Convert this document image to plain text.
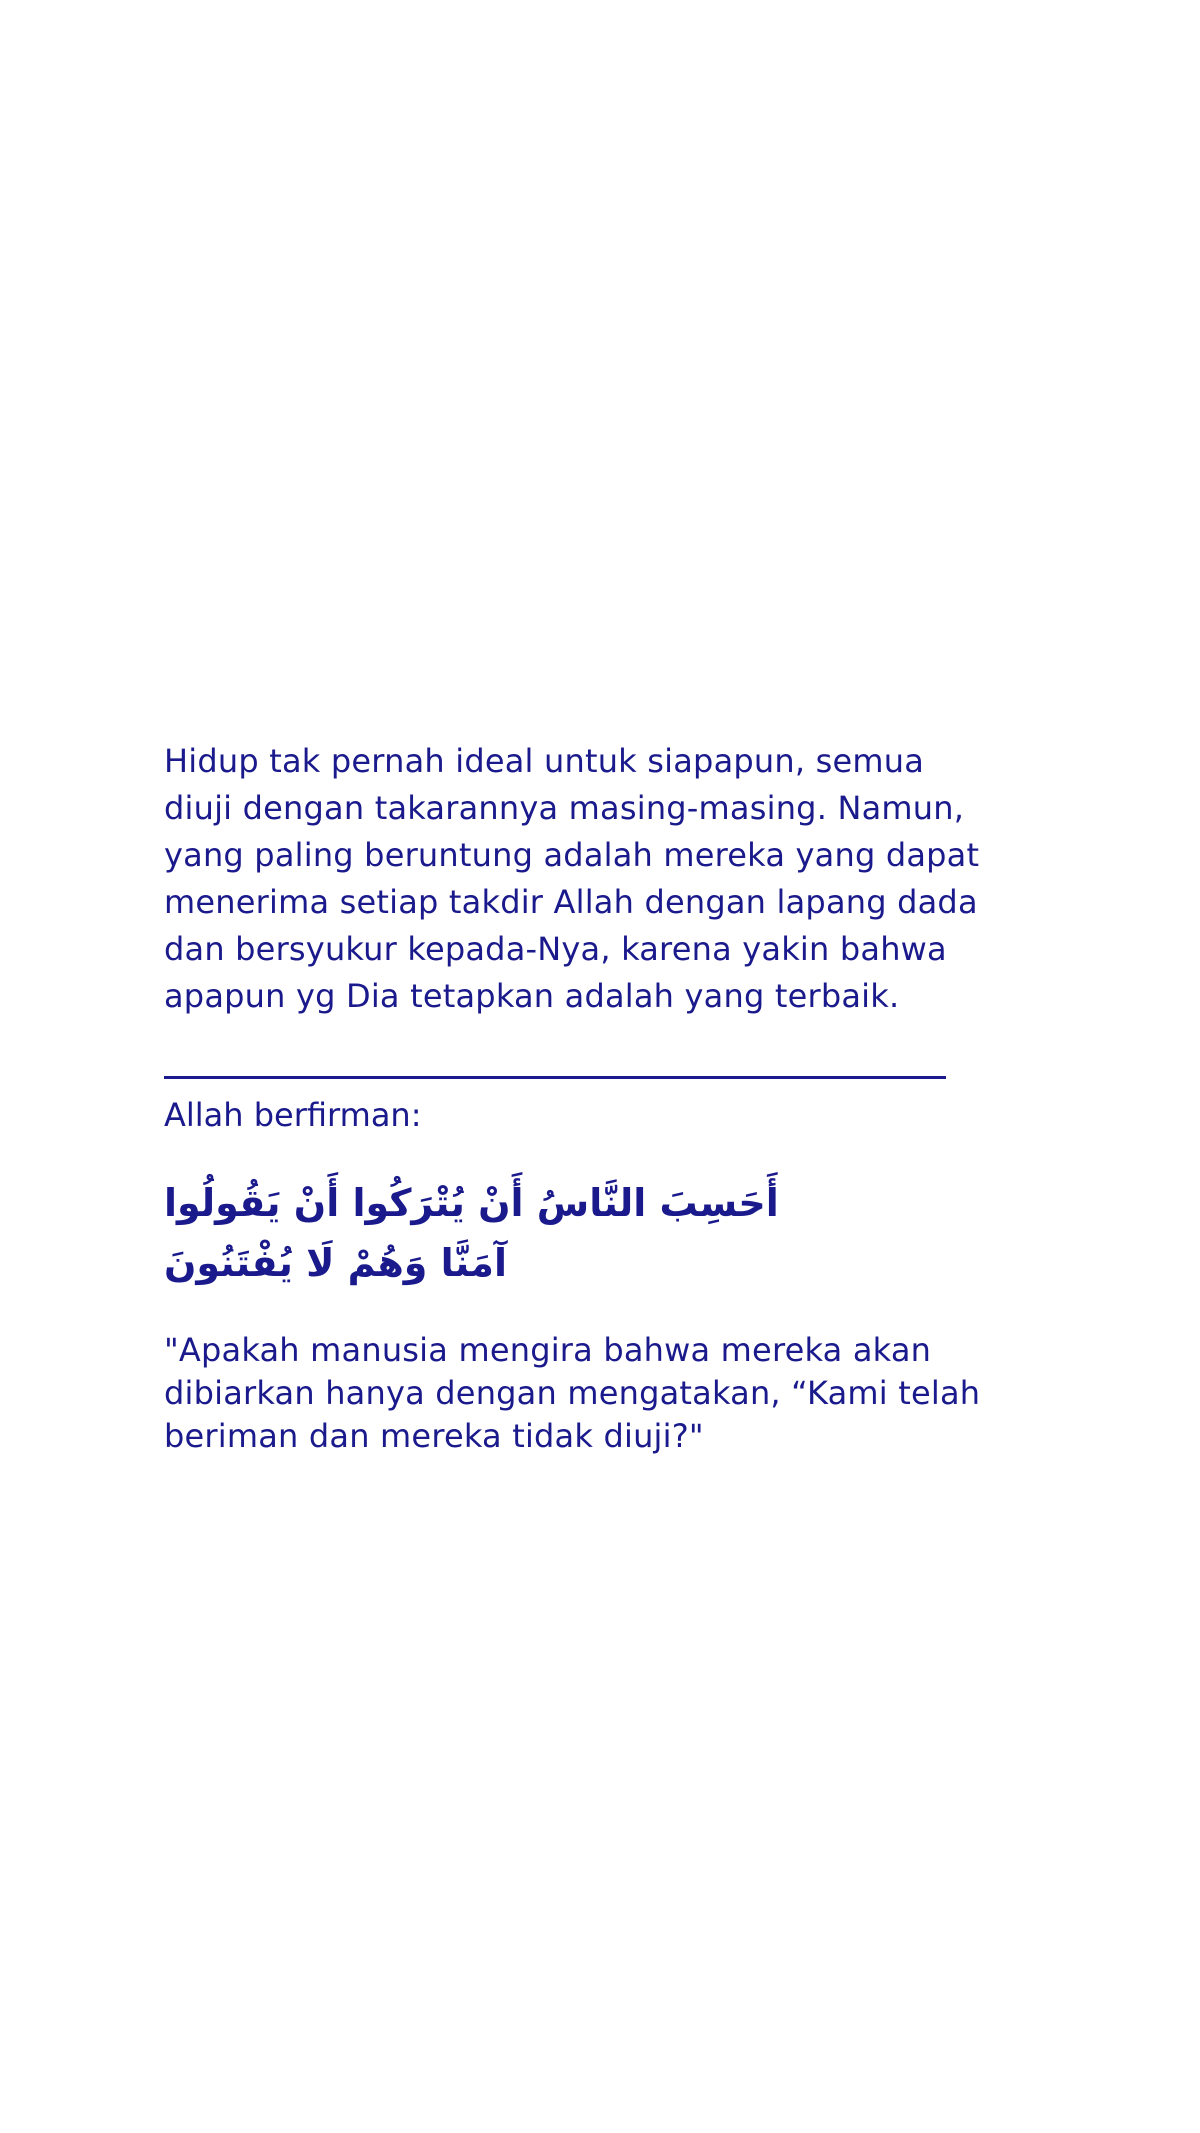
Hidup tak pernah ideal untuk siapapun, semua
diuji dengan takarannya masing-masing. Namun,
yang paling beruntung adalah mereka yang dapat
menerima setiap takdir Allah dengan lapang dada
dan bersyukur kepada-Nya, karena yakin bahwa
apapun yg Dia tetapkan adalah yang terbaik.

Allah berfirman:

أَحَسِبَ النَّاسُ أَنْ يُتْرَكُوا أَنْ يَقُولُوا آمَنَّا وَهُمْ لَا يُفْتَنُونَ

"Apakah manusia mengira bahwa mereka akan
dibiarkan hanya dengan mengatakan, “Kami telah
beriman dan mereka tidak diuji?"
